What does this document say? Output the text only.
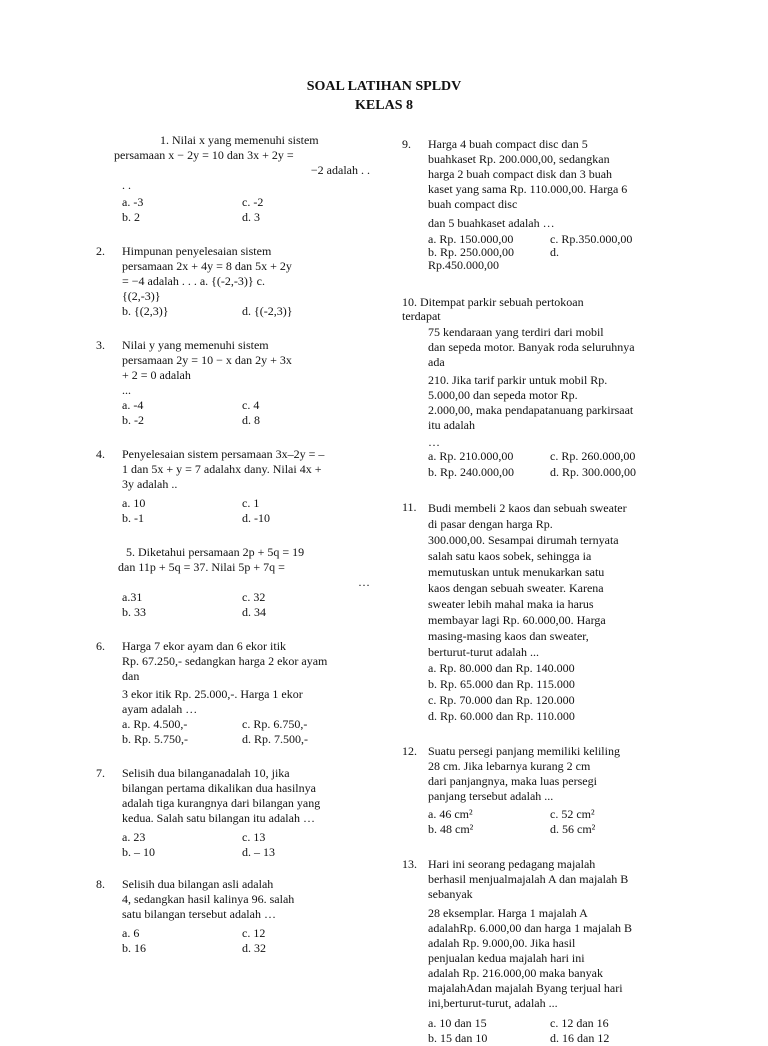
SOAL LATIHAN SPLDV
KELAS 8
1. Nilai x yang memenuhi sistem
persamaan x − 2y = 10 dan 3x + 2y =
−2 adalah . .
. .
a. -3	c. -2
b. 2	d. 3
2. Himpunan penyelesaian sistem

persamaan 2x + 4y = 8 dan 5x + 2y

= −4 adalah . . . a. {(-2,-3)} c.

{(2,-3)}

b. {(2,3)}	d. {(-2,3)}
3. Nilai y yang memenuhi sistem

persamaan 2y = 10 − x dan 2y + 3x

+ 2 = 0 adalah

...

a. -4	c. 4
b. -2	d. 8
4. Penyelesaian sistem persamaan 3x–2y = –

1 dan 5x + y = 7 adalahx dany. Nilai 4x +

3y adalah ..

a. 10	c. 1
b. -1	d. -10
5. Diketahui persamaan 2p + 5q = 19
dan 11p + 5q = 37. Nilai 5p + 7q =
…
a.31	c. 32
b. 33	d. 34
6. Harga 7 ekor ayam dan 6 ekor itik

Rp. 67.250,- sedangkan harga 2 ekor ayam

dan

3 ekor itik Rp. 25.000,-. Harga 1 ekor

ayam adalah …

a. Rp. 4.500,-	c. Rp. 6.750,-
b. Rp. 5.750,-	d. Rp. 7.500,-
7. Selisih dua bilanganadalah 10, jika

bilangan pertama dikalikan dua hasilnya

adalah tiga kurangnya dari bilangan yang

kedua. Salah satu bilangan itu adalah …

a. 23	c. 13
b. – 10	d. – 13
8. Selisih dua bilangan asli adalah

4, sedangkan hasil kalinya 96. salah

satu bilangan tersebut adalah …

a. 6	c. 12
b. 16	d. 32
9. Harga 4 buah compact disc dan 5

buahkaset Rp. 200.000,00, sedangkan

harga 2 buah compact disk dan 3 buah

kaset yang sama Rp. 110.000,00. Harga 6

buah compact disc

dan 5 buahkaset adalah …

a. Rp. 150.000,00	c. Rp.350.000,00
b. Rp. 250.000,00	d.
Rp.450.000,00
10. Ditempat parkir sebuah pertokoan
terdapat

75 kendaraan yang terdiri dari mobil

dan sepeda motor. Banyak roda seluruhnya

ada

210. Jika tarif parkir untuk mobil Rp.

5.000,00 dan sepeda motor Rp.

2.000,00, maka pendapatanuang parkirsaat

itu adalah

…

a. Rp. 210.000,00	c. Rp. 260.000,00
b. Rp. 240.000,00	d. Rp. 300.000,00
11. Budi membeli 2 kaos dan sebuah sweater

di pasar dengan harga Rp.

300.000,00. Sesampai dirumah ternyata

salah satu kaos sobek, sehingga ia

memutuskan untuk menukarkan satu

kaos dengan sebuah sweater. Karena

sweater lebih mahal maka ia harus

membayar lagi Rp. 60.000,00. Harga

masing-masing kaos dan sweater,

berturut-turut adalah ...

a. Rp. 80.000 dan Rp. 140.000
b. Rp. 65.000 dan Rp. 115.000
c. Rp. 70.000 dan Rp. 120.000
d. Rp. 60.000 dan Rp. 110.000
12. Suatu persegi panjang memiliki keliling

28 cm. Jika lebarnya kurang 2 cm

dari panjangnya, maka luas persegi

panjang tersebut adalah ...

a. 46 cm²	c. 52 cm²
b. 48 cm²	d. 56 cm²
13. Hari ini seorang pedagang majalah

berhasil menjualmajalah A dan majalah B

sebanyak

28 eksemplar. Harga 1 majalah A

adalahRp. 6.000,00 dan harga 1 majalah B

adalah Rp. 9.000,00. Jika hasil

penjualan kedua majalah hari ini

adalah Rp. 216.000,00 maka banyak

majalahAdan majalah Byang terjual hari

ini,berturut-turut, adalah ...

a. 10 dan 15	c. 12 dan 16
b. 15 dan 10	d. 16 dan 12
